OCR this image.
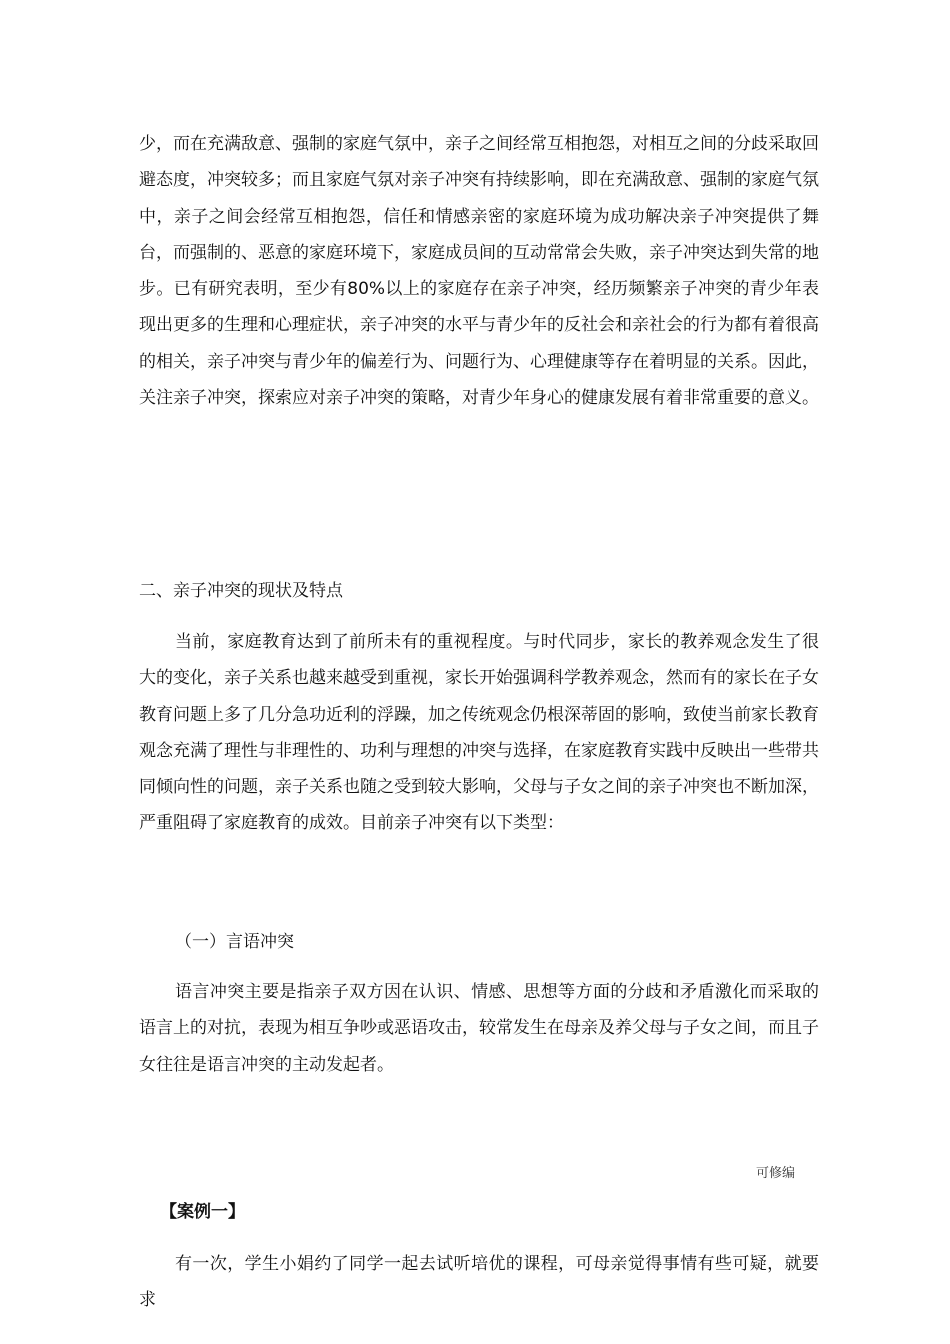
少，而在充满敌意、强制的家庭气氛中，亲子之间经常互相抱怨，对相互之间的分歧采取回避态度，冲突较多；而且家庭气氛对亲子冲突有持续影响，即在充满敌意、强制的家庭气氛中，亲子之间会经常互相抱怨，信任和情感亲密的家庭环境为成功解决亲子冲突提供了舞台，而强制的、恶意的家庭环境下，家庭成员间的互动常常会失败，亲子冲突达到失常的地步。已有研究表明，至少有80%以上的家庭存在亲子冲突，经历频繁亲子冲突的青少年表现出更多的生理和心理症状，亲子冲突的水平与青少年的反社会和亲社会的行为都有着很高的相关，亲子冲突与青少年的偏差行为、问题行为、心理健康等存在着明显的关系。因此，关注亲子冲突，探索应对亲子冲突的策略，对青少年身心的健康发展有着非常重要的意义。

二、亲子冲突的现状及特点

当前，家庭教育达到了前所未有的重视程度。与时代同步，家长的教养观念发生了很大的变化，亲子关系也越来越受到重视，家长开始强调科学教养观念，然而有的家长在子女教育问题上多了几分急功近利的浮躁，加之传统观念仍根深蒂固的影响，致使当前家长教育观念充满了理性与非理性的、功利与理想的冲突与选择，在家庭教育实践中反映出一些带共同倾向性的问题，亲子关系也随之受到较大影响，父母与子女之间的亲子冲突也不断加深，严重阻碍了家庭教育的成效。目前亲子冲突有以下类型：

（一）言语冲突

语言冲突主要是指亲子双方因在认识、情感、思想等方面的分歧和矛盾激化而采取的语言上的对抗，表现为相互争吵或恶语攻击，较常发生在母亲及养父母与子女之间，而且子女往往是语言冲突的主动发起者。

可修编
【案例一】

有一次，学生小娟约了同学一起去试听培优的课程，可母亲觉得事情有些可疑，就要求
